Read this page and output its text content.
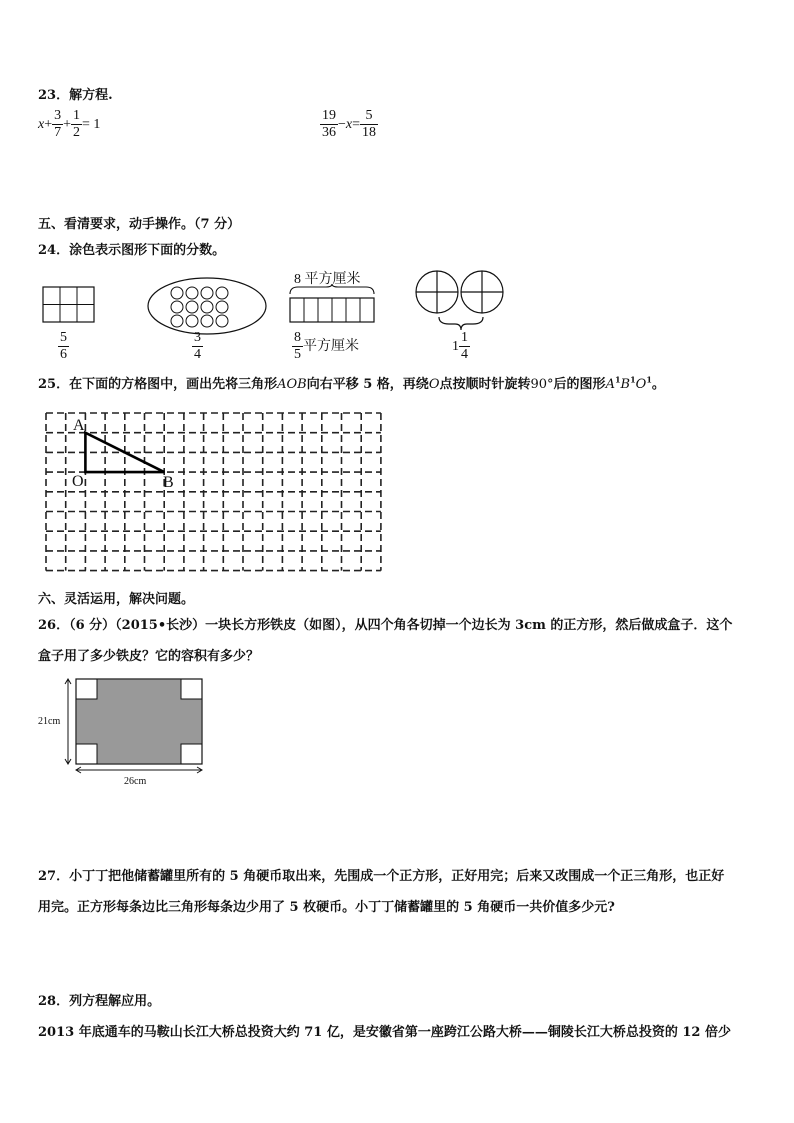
23．解方程.
$x+ \frac{3}{7} + \frac{1}{2} = 1$	$\frac{19}{36} -x= \frac{5}{18}$
五、看清要求，动手操作。（7 分）
24．涂色表示图形下面的分数。
$\frac{5}{6}$	$\frac{3}{4}$
8 平方厘米
$\frac{8}{5}$ 平方厘米	$1 \frac{1}{4}$
25．在下面的方格图中，画出先将三角形AOB向右平移 5 格，再绕O点按顺时针旋转90°后的图形$A^1B^1O^1$。
A
O	B
六、灵活运用，解决问题。
26．（6 分）（2015•长沙）一块长方形铁皮（如图），从四个角各切掉一个边长为 3cm 的正方形，然后做成盒子．这个
盒子用了多少铁皮？它的容积有多少？
21cm
26cm
27．小丁丁把他储蓄罐里所有的 5 角硬币取出来，先围成一个正方形，正好用完；后来又改围成一个正三角形，也正好
用完。正方形每条边比三角形每条边少用了 5 枚硬币。小丁丁储蓄罐里的 5 角硬币一共价值多少元?
28．列方程解应用。
2013 年底通车的马鞍山长江大桥总投资大约 71 亿，是安徽省第一座跨江公路大桥——铜陵长江大桥总投资的 12 倍少
